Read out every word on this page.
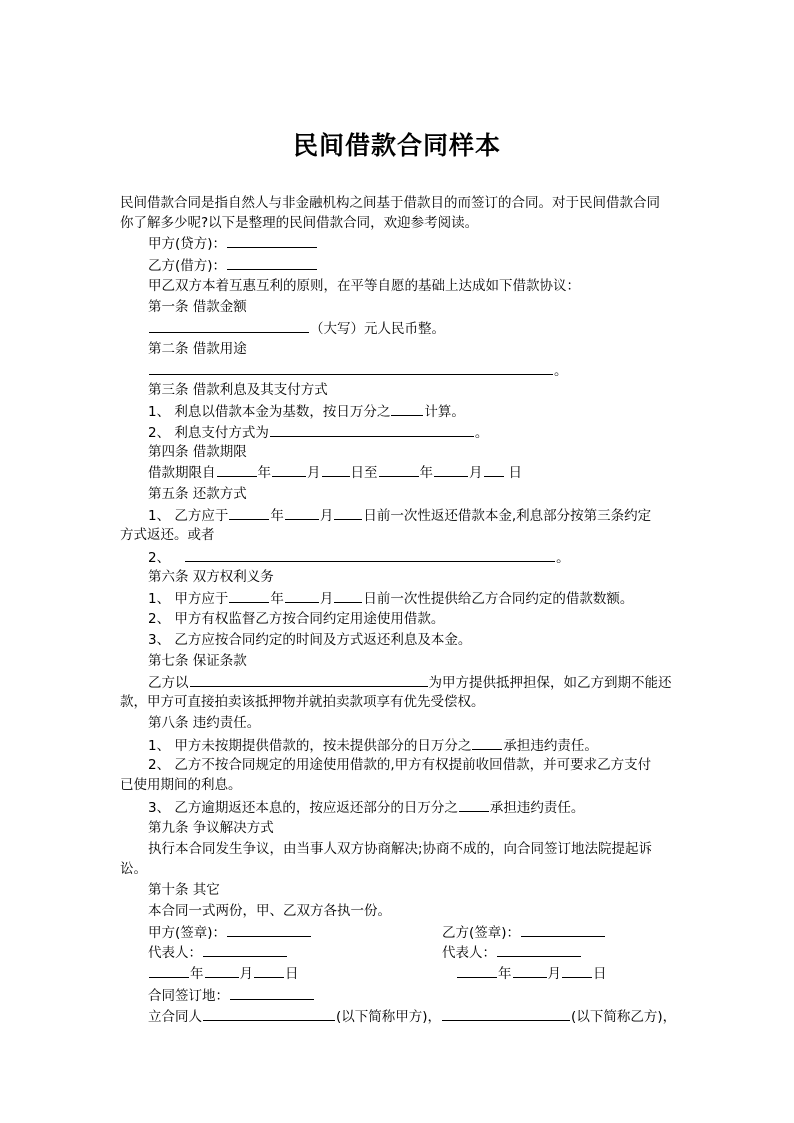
民间借款合同样本
民间借款合同是指自然人与非金融机构之间基于借款目的而签订的合同。对于民间借款合同
你了解多少呢?以下是整理的民间借款合同，欢迎参考阅读。
甲方(贷方)：
乙方(借方)：
甲乙双方本着互惠互利的原则，在平等自愿的基础上达成如下借款协议：
第一条 借款金额
（大写）元人民币整。
第二条 借款用途
。
第三条 借款利息及其支付方式
1、 利息以借款本金为基数，按日万分之	计算。
2、 利息支付方式为	。
第四条 借款期限
借款期限自	年	月 日至	年	月 日
第五条 还款方式
1、 乙方应于	年	月 日前一次性返还借款本金,利息部分按第三条约定
方式返还。或者
2、	。
第六条 双方权利义务
1、 甲方应于	年	月 日前一次性提供给乙方合同约定的借款数额。
2、 甲方有权监督乙方按合同约定用途使用借款。
3、 乙方应按合同约定的时间及方式返还利息及本金。
第七条 保证条款
乙方以	为甲方提供抵押担保，如乙方到期不能还
款，甲方可直接拍卖该抵押物并就拍卖款项享有优先受偿权。
第八条 违约责任。
1、 甲方未按期提供借款的，按未提供部分的日万分之 承担违约责任。
2、 乙方不按合同规定的用途使用借款的,甲方有权提前收回借款，并可要求乙方支付
已使用期间的利息。
3、 乙方逾期返还本息的，按应返还部分的日万分之 承担违约责任。
第九条 争议解决方式
执行本合同发生争议，由当事人双方协商解决;协商不成的，向合同签订地法院提起诉
讼。
第十条 其它
本合同一式两份，甲、乙双方各执一份。
甲方(签章)：	乙方(签章)：
代表人：	代表人：
年	月 日	年	月 日
合同签订地：
立合同人	(以下简称甲方)，	(以下简称乙方)，
